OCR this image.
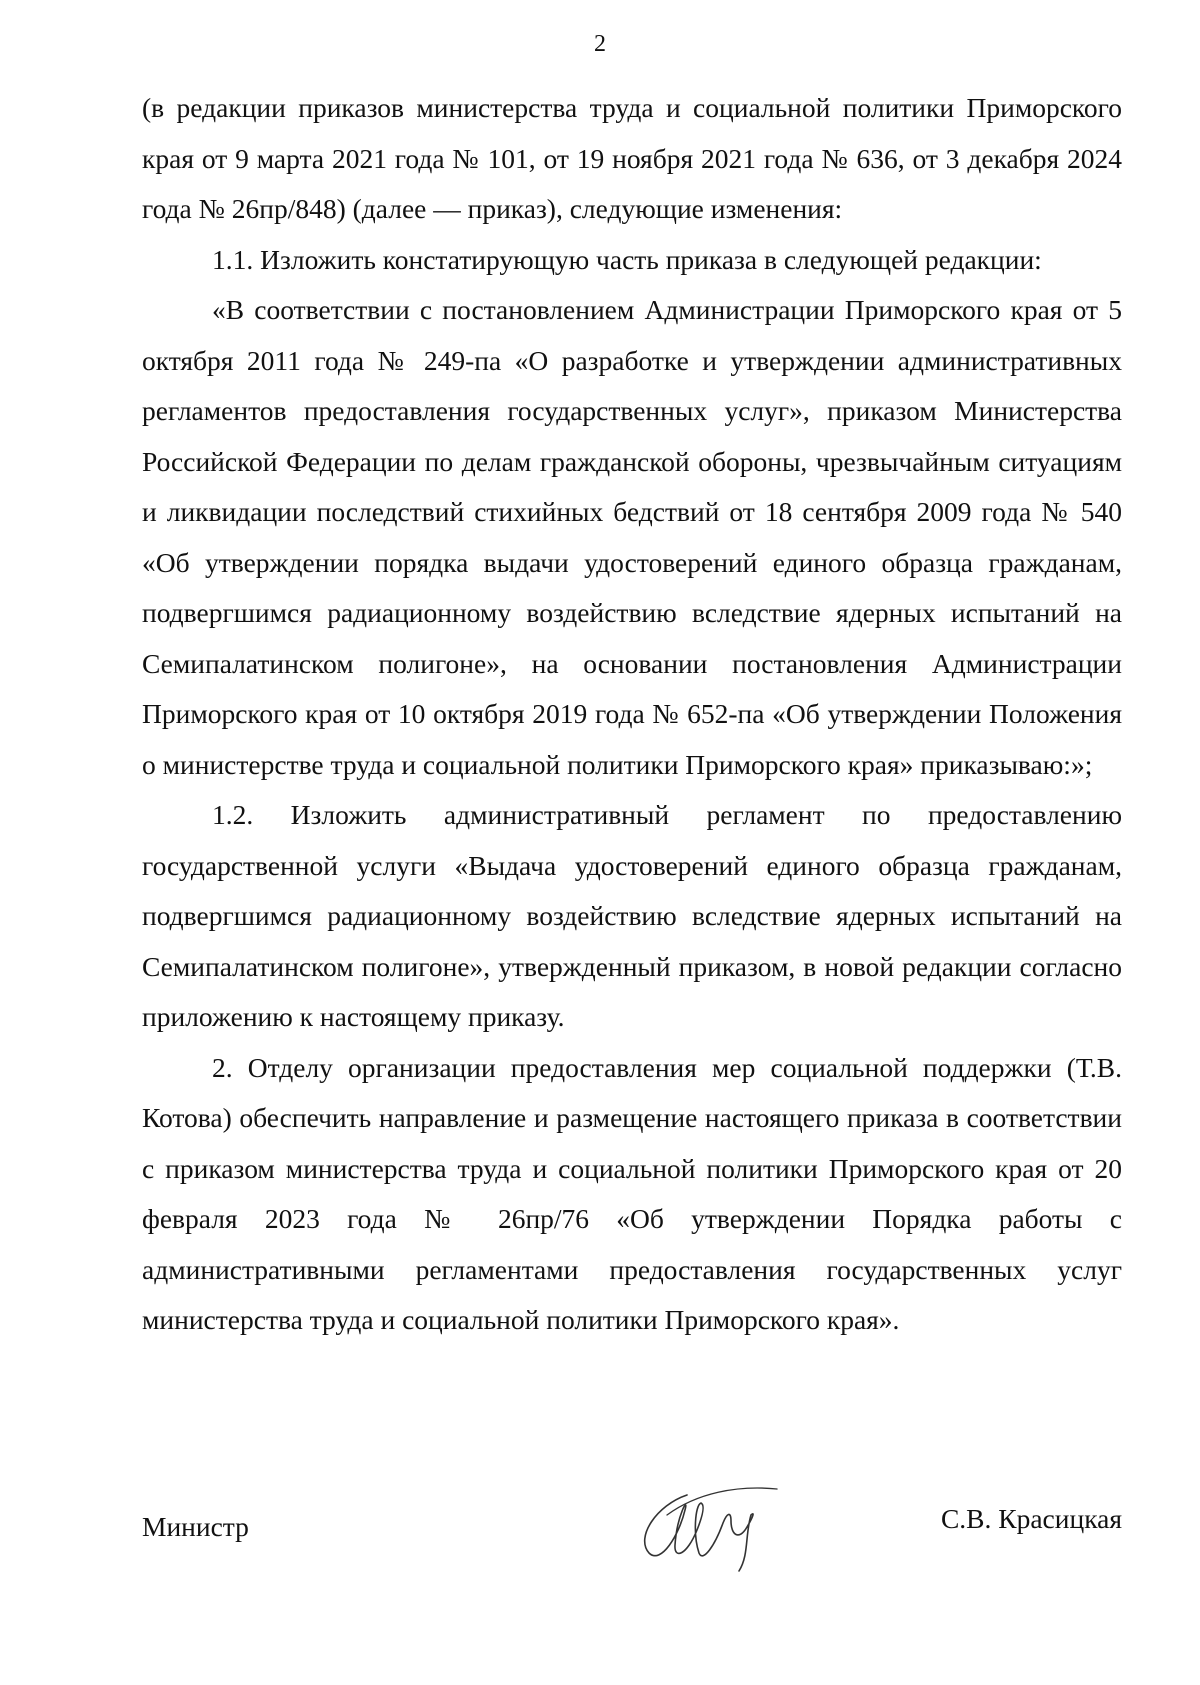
2

(в редакции приказов министерства труда и социальной политики Приморского края от 9 марта 2021 года № 101, от 19 ноября 2021 года № 636, от 3 декабря 2024 года № 26пр/848) (далее — приказ), следующие изменения:

1.1. Изложить констатирующую часть приказа в следующей редакции:

«В соответствии с постановлением Администрации Приморского края от 5 октября 2011 года № 249-па «О разработке и утверждении административных регламентов предоставления государственных услуг», приказом Министерства Российской Федерации по делам гражданской обороны, чрезвычайным ситуациям и ликвидации последствий стихийных бедствий от 18 сентября 2009 года № 540 «Об утверждении порядка выдачи удостоверений единого образца гражданам, подвергшимся радиационному воздействию вследствие ядерных испытаний на Семипалатинском полигоне», на основании постановления Администрации Приморского края от 10 октября 2019 года № 652-па «Об утверждении Положения о министерстве труда и социальной политики Приморского края» приказываю:»;

1.2. Изложить административный регламент по предоставлению государственной услуги «Выдача удостоверений единого образца гражданам, подвергшимся радиационному воздействию вследствие ядерных испытаний на Семипалатинском полигоне», утвержденный приказом, в новой редакции согласно приложению к настоящему приказу.

2. Отделу организации предоставления мер социальной поддержки (Т.В. Котова) обеспечить направление и размещение настоящего приказа в соответствии с приказом министерства труда и социальной политики Приморского края от 20 февраля 2023 года № 26пр/76 «Об утверждении Порядка работы с административными регламентами предоставления государственных услуг министерства труда и социальной политики Приморского края».

Министр	С.В. Красицкая
